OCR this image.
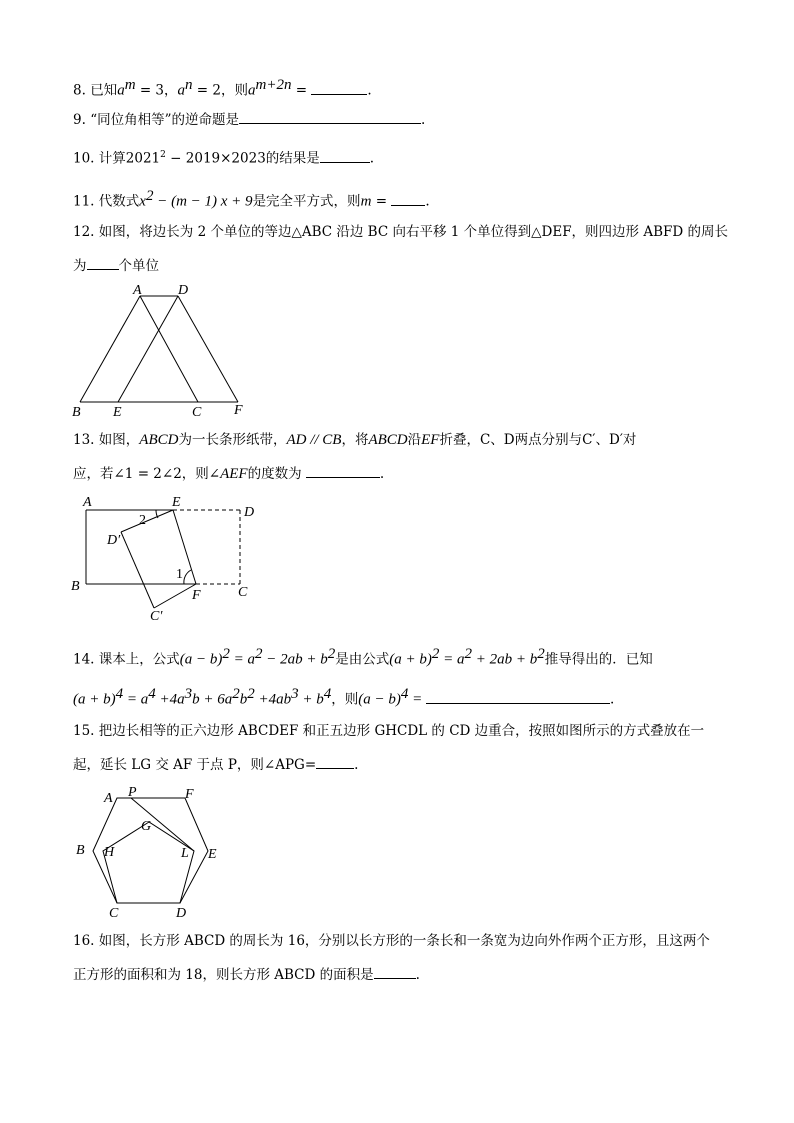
8. 已知$a^m = 3$，$a^n = 2$，则$a^{m+2n}$ =	.
9. “同位角相等”的逆命题是	.
10. 计算$2021^2 - 2019\times 2023$的结果是	.
11. 代数式$x^2 - (m - 1) x + 9$是完全平方式，则m =	.
12. 如图，将边长为 2 个单位的等边△ABC 沿边 BC 向右平移 1 个单位得到△DEF，则四边形 ABFD 的周长
为 个单位
A	D
B E	C F
13. 如图，ABCD为一长条形纸带，AD // CB，将ABCD沿EF折叠，C、D两点分别与C′、D′对
应，若∠1 = 2∠2，则∠AEF的度数为	.
A	E
D
D′
2
1
B
F	C
C′
14. 课本上，公式$(a - b)^2 = a^2 - 2ab + b^2$是由公式$(a + b)^2 = a^2 + 2ab + b^2$推导得出的．已知
$(a + b)^4 = a^4 +4a^3b + 6a^2b^2 +4ab^3 + b^4$，则$(a - b)^4$ =	.
15. 把边长相等的正六边形 ABCDEF 和正五边形 GHCDL 的 CD 边重合，按照如图所示的方式叠放在一
起，延长 LG 交 AF 于点 P，则∠APG=	.
A P	F
G
B H	L E
C	D
16. 如图，长方形 ABCD 的周长为 16，分别以长方形的一条长和一条宽为边向外作两个正方形，且这两个
正方形的面积和为 18，则长方形 ABCD 的面积是	.
